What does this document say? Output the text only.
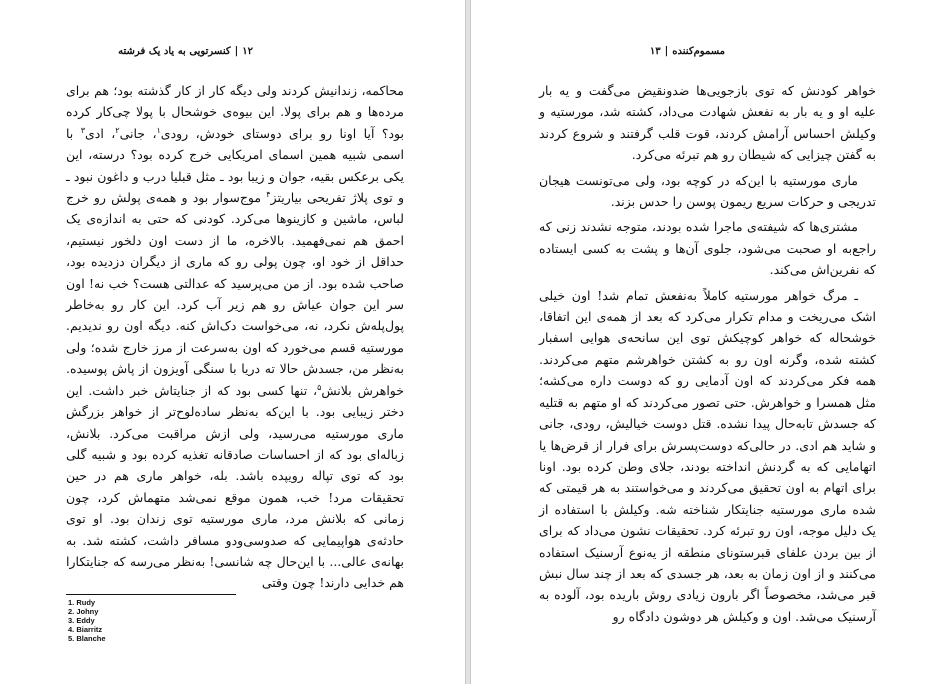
۱۲|کنسرتویی به یاد یک فرشته

محاکمه، زندانیش کردند ولی دیگه کار از کار گذشته بود؛ هم برای مرده‌ها و هم برای پولا. این بیوه‌ی خوشحال با پولا چی‌کار کرده بود؟ آیا اونا رو برای دوستای خودش، رودی$^۱$، جانی$^۲$، ادی$^۳$ با اسمی شبیه همین اسمای امریکایی خرج کرده بود؟ درسته، این یکی برعکس بقیه، جوان و زیبا بود ـ مثل قبلیا درب و داغون نبود ـ و توی پلاژ تفریحی بیاریتز$^۴$ موج‌سوار بود و همه‌ی پولش رو خرج لباس، ماشین و کازینوها می‌کرد. کودنی که حتی به اندازه‌ی یک احمق هم نمی‌فهمید. بالاخره، ما از دست اون دلخور نیستیم، حداقل از خود او، چون پولی رو که ماری از دیگران دزدیده بود، صاحب شده بود. از من می‌پرسید که عدالتی هست؟ خب نه! اون سر این جوان عیاش رو هم زیر آب کرد. این کار رو به‌خاطر پول‌پله‌ش نکرد، نه، می‌خواست دک‌اش کنه. دیگه اون رو ندیدیم. مورستیه قسم می‌خورد که اون به‌سرعت از مرز خارج شده؛ ولی به‌نظر من، جسدش حالا ته دریا با سنگی آویزون از پاش پوسیده. خواهرش بلانش$^۵$، تنها کسی بود که از جنایتاش خبر داشت. این دختر زیبایی بود. با این‌که به‌نظر ساده‌لوح‌تر از خواهر بزرگش ماری مورستیه می‌رسید، ولی ازش مراقبت می‌کرد. بلانش، زباله‌ای بود که از احساسات صادقانه تغذیه کرده بود و شبیه گلی بود که توی تپاله رویپده باشد. بله، خواهر ماری هم در حین تحقیقات مرد! خب، همون موقع نمی‌شد متهماش کرد، چون زمانی که بلانش مرد، ماری مورستیه توی زندان بود. او توی حادثه‌ی هواپیمایی که صدوسی‌ودو مسافر داشت، کشته شد. به بهانه‌ی عالی... با این‌حال چه شانسی! به‌نظر می‌رسه که جنایتکارا هم خدایی دارند! چون وقتی

1. Rudy
2. Johny
3. Eddy
4. Biarritz
5. Blanche
مسموم‌کننده|۱۳

خواهر کودنش که توی بازجویی‌ها ضدونقیض می‌گفت و یه بار علیه او و یه بار به نفعش شهادت می‌داد، کشته شد، مورستیه و وکیلش احساس آرامش کردند، قوت قلب گرفتند و شروع کردند به گفتن چیزایی که شیطان رو هم تبرئه می‌کرد.

ماری مورستیه با این‌که در کوچه بود، ولی می‌تونست هیجان تدریجی و حرکات سریع ریمون پوسن را حدس بزند.

مشتری‌ها که شیفته‌ی ماجرا شده بودند، متوجه نشدند زنی که راجع‌به او صحبت می‌شود، جلوی آن‌ها و پشت به کسی ایستاده که نفرین‌اش می‌کند.

ـ مرگ خواهر مورستیه کاملاً به‌نفعش تمام شد! اون خیلی اشک می‌ریخت و مدام تکرار می‌کرد که بعد از همه‌ی این اتفاقا، خوشحاله که خواهر کوچیکش توی این سانحه‌ی هوایی اسفبار کشته شده، وگرنه اون رو به کشتن خواهرشم متهم می‌کردند. همه فکر می‌کردند که اون آدمایی رو که دوست داره می‌کشه؛ مثل همسرا و خواهرش. حتی تصور می‌کردند که او متهم به قتلیه که جسدش تابه‌حال پیدا نشده. قتل دوست خیالیش، رودی، جانی و شاید هم ادی. در حالی‌که دوست‌پسرش برای فرار از قرض‌ها یا اتهامایی که به گردنش انداخته بودند، جلای وطن کرده بود. اونا برای اتهام به اون تحقیق می‌کردند و می‌خواستند به هر قیمتی که شده ماری مورستیه جنایتکار شناخته شه. وکیلش با استفاده از یک دلیل موجه، اون رو تبرئه کرد. تحقیقات نشون می‌داد که برای از بین بردن علفای قبرستونای منطقه از یه‌نوع آرسنیک استفاده می‌کنند و از اون زمان به بعد، هر جسدی که بعد از چند سال نبش قبر می‌شد، مخصوصاً اگر بارون زیادی روش باریده بود، آلوده به آرسنیک می‌شد. اون و وکیلش هر دوشون دادگاه رو
